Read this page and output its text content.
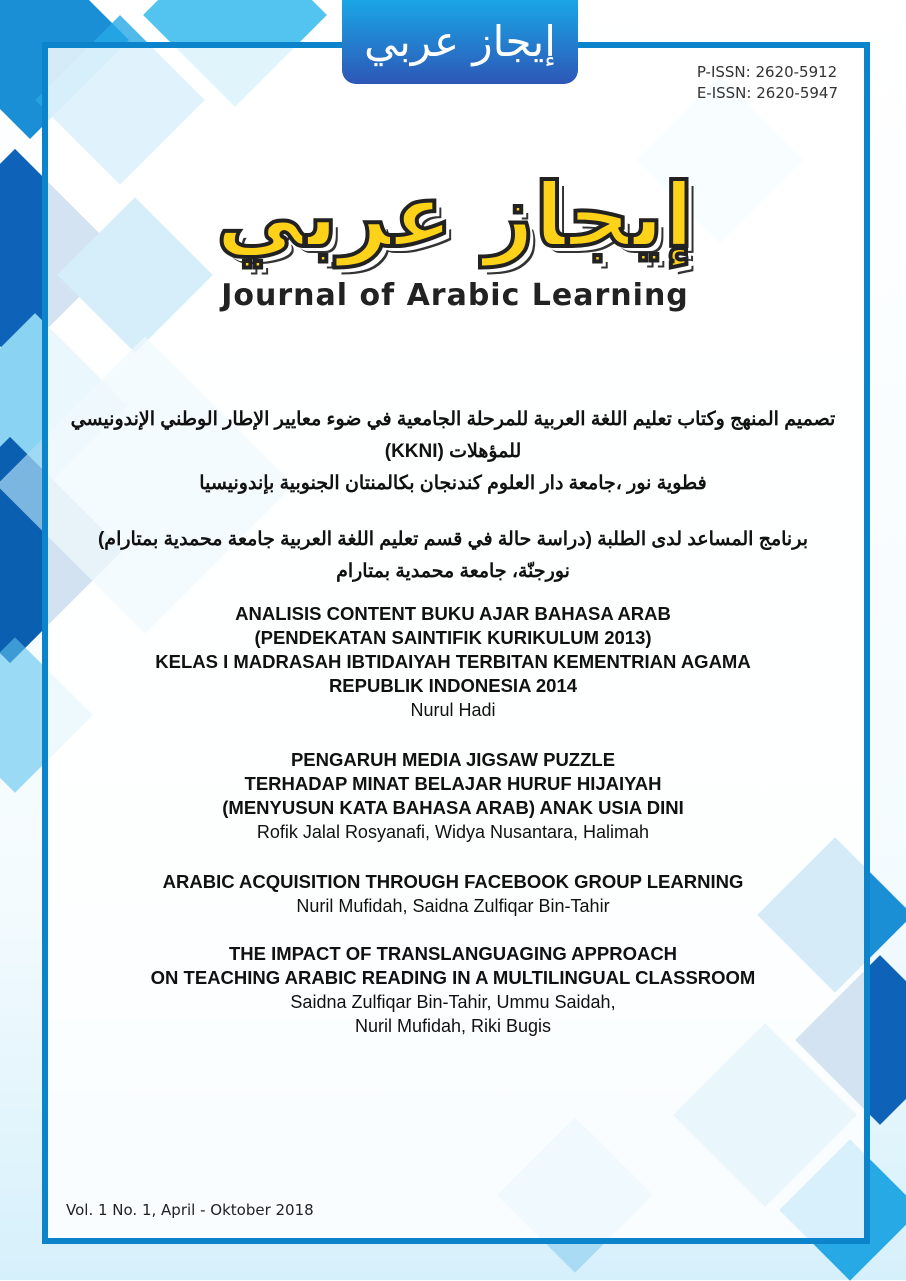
إيجاز عربي
P-ISSN: 2620-5912
E-ISSN: 2620-5947
إيجاز عربي
Journal of Arabic Learning
تصميم المنهج وكتاب تعليم اللغة العربية للمرحلة الجامعية في ضوء معايير الإطار الوطني الإندونيسي
للمؤهلات (KKNI)
فطوية نور ،جامعة دار العلوم كندنجان بكالمنتان الجنوبية بإندونيسيا
برنامج المساعد لدى الطلبة (دراسة حالة في قسم تعليم اللغة العربية جامعة محمدية بمتارام)
نورجنّة، جامعة محمدية بمتارام
ANALISIS CONTENT BUKU AJAR BAHASA ARAB
(PENDEKATAN SAINTIFIK KURIKULUM 2013)
KELAS I MADRASAH IBTIDAIYAH TERBITAN KEMENTRIAN AGAMA
REPUBLIK INDONESIA 2014
Nurul Hadi
PENGARUH MEDIA JIGSAW PUZZLE
TERHADAP MINAT BELAJAR HURUF HIJAIYAH
(MENYUSUN KATA BAHASA ARAB) ANAK USIA DINI
Rofik Jalal Rosyanafi, Widya Nusantara, Halimah
ARABIC ACQUISITION THROUGH FACEBOOK GROUP LEARNING
Nuril Mufidah, Saidna Zulfiqar Bin-Tahir
THE IMPACT OF TRANSLANGUAGING APPROACH
ON TEACHING ARABIC READING IN A MULTILINGUAL CLASSROOM
Saidna Zulfiqar Bin-Tahir, Ummu Saidah,
Nuril Mufidah, Riki Bugis
Vol. 1 No. 1, April - Oktober 2018
